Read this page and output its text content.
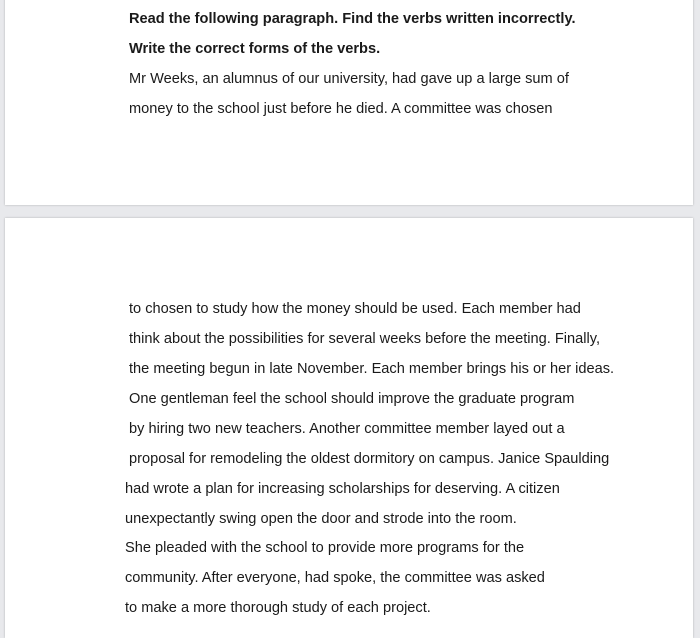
Read the following paragraph. Find the verbs written incorrectly.
Write the correct forms of the verbs.
Mr Weeks, an alumnus of our university, had gave up a large sum of
money to the school just before he died. A committee was chosen
to chosen to study how the money should be used. Each member had
think about the possibilities for several weeks before the meeting. Finally,
the meeting begun in late November. Each member brings his or her ideas.
One gentleman feel the school should improve the graduate program
by hiring two new teachers. Another committee member layed out a
proposal for remodeling the oldest dormitory on campus. Janice Spaulding
had wrote a plan for increasing scholarships for deserving. A citizen
unexpectantly swing open the door and strode into the room.
She pleaded with the school to provide more programs for the
community. After everyone, had spoke, the committee was asked
to make a more thorough study of each project.
